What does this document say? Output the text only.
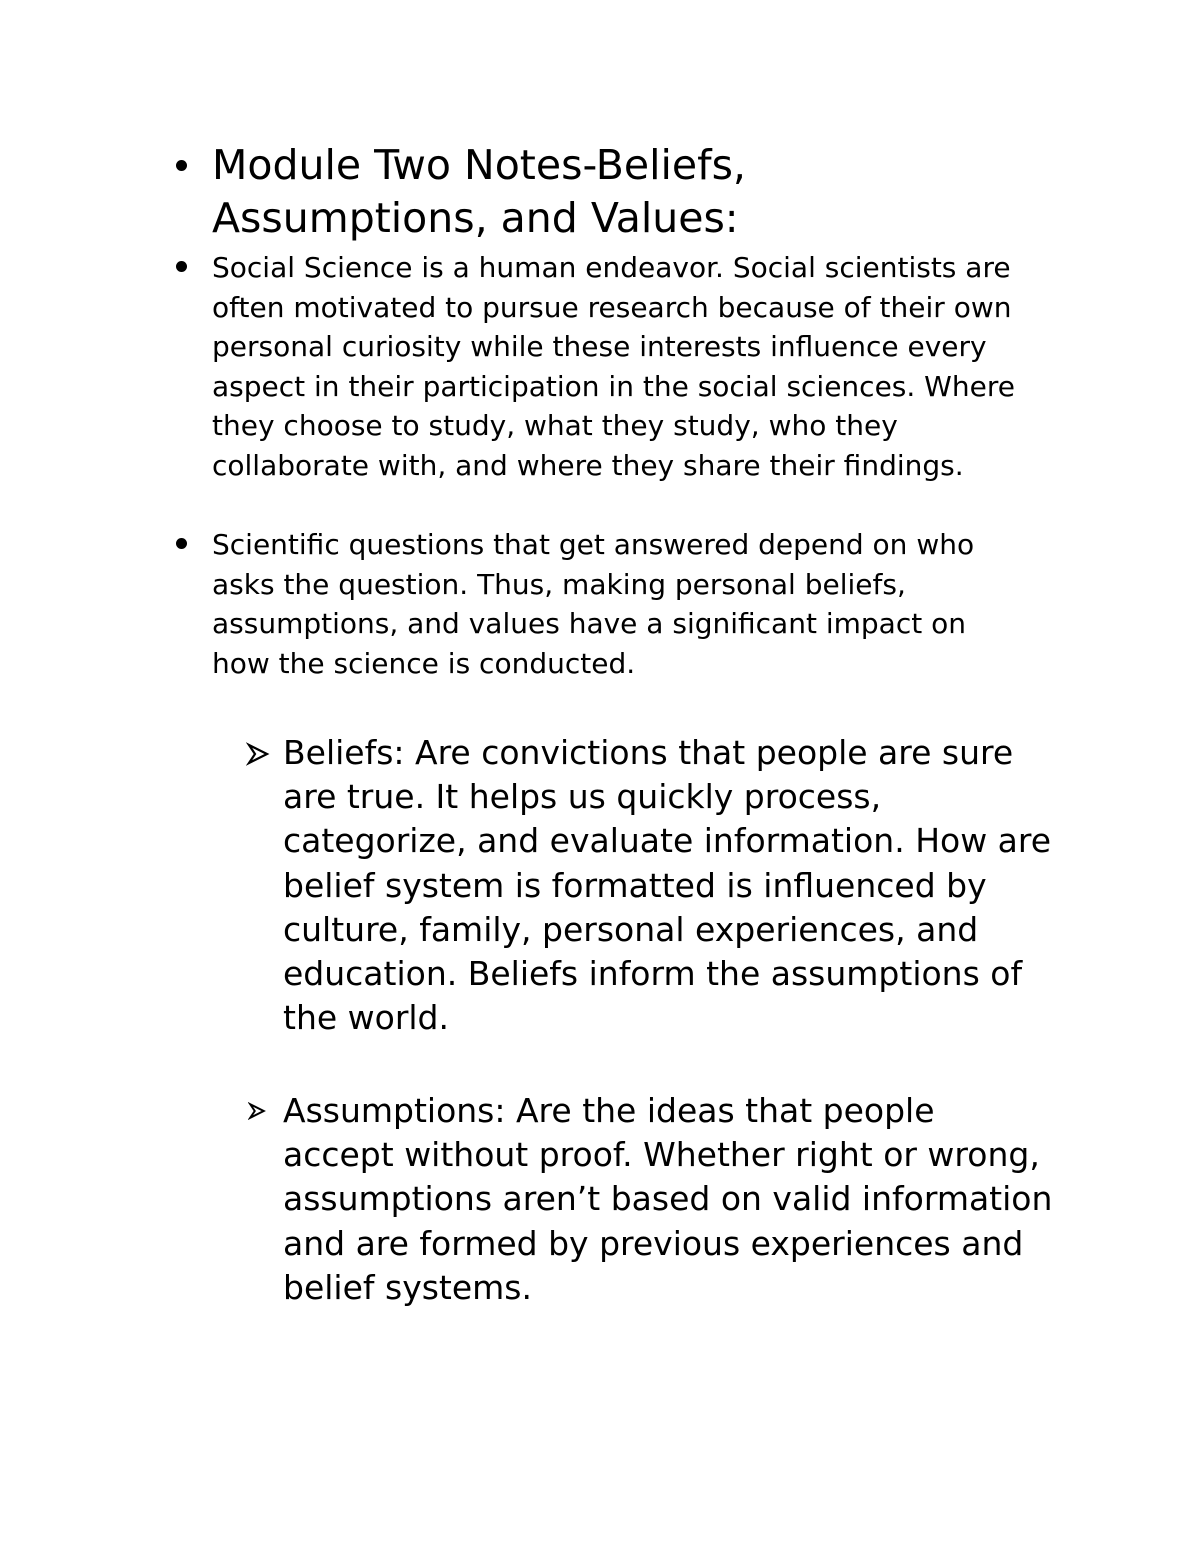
Module Two Notes-Beliefs, Assumptions, and Values:

Social Science is a human endeavor. Social scientists are often motivated to pursue research because of their own personal curiosity while these interests influence every aspect in their participation in the social sciences. Where they choose to study, what they study, who they collaborate with, and where they share their findings.

Scientific questions that get answered depend on who asks the question. Thus, making personal beliefs, assumptions, and values have a significant impact on how the science is conducted.

Beliefs: Are convictions that people are sure are true. It helps us quickly process, categorize, and evaluate information. How are belief system is formatted is influenced by culture, family, personal experiences, and education. Beliefs inform the assumptions of the world.

Assumptions: Are the ideas that people accept without proof. Whether right or wrong, assumptions aren’t based on valid information and are formed by previous experiences and belief systems.
